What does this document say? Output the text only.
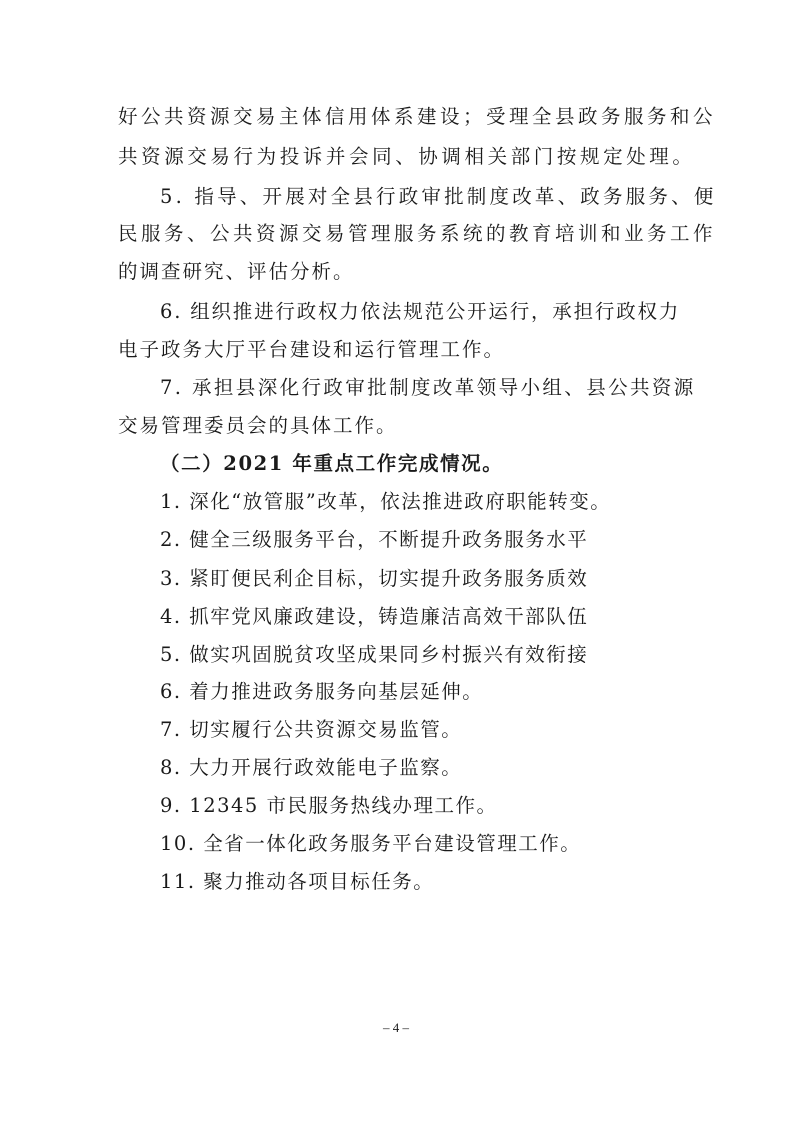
好公共资源交易主体信用体系建设；受理全县政务服务和公
共资源交易行为投诉并会同、协调相关部门按规定处理。
5. 指导、开展对全县行政审批制度改革、政务服务、便
民服务、公共资源交易管理服务系统的教育培训和业务工作
的调查研究、评估分析。
6. 组织推进行政权力依法规范公开运行，承担行政权力
电子政务大厅平台建设和运行管理工作。
7. 承担县深化行政审批制度改革领导小组、县公共资源
交易管理委员会的具体工作。
（二）2021 年重点工作完成情况。
1. 深化“放管服”改革，依法推进政府职能转变。
2. 健全三级服务平台，不断提升政务服务水平
3. 紧盯便民利企目标，切实提升政务服务质效
4. 抓牢党风廉政建设，铸造廉洁高效干部队伍
5. 做实巩固脱贫攻坚成果同乡村振兴有效衔接
6. 着力推进政务服务向基层延伸。
7. 切实履行公共资源交易监管。
8. 大力开展行政效能电子监察。
9. 12345 市民服务热线办理工作。
10. 全省一体化政务服务平台建设管理工作。
11. 聚力推动各项目标任务。
– 4 –
